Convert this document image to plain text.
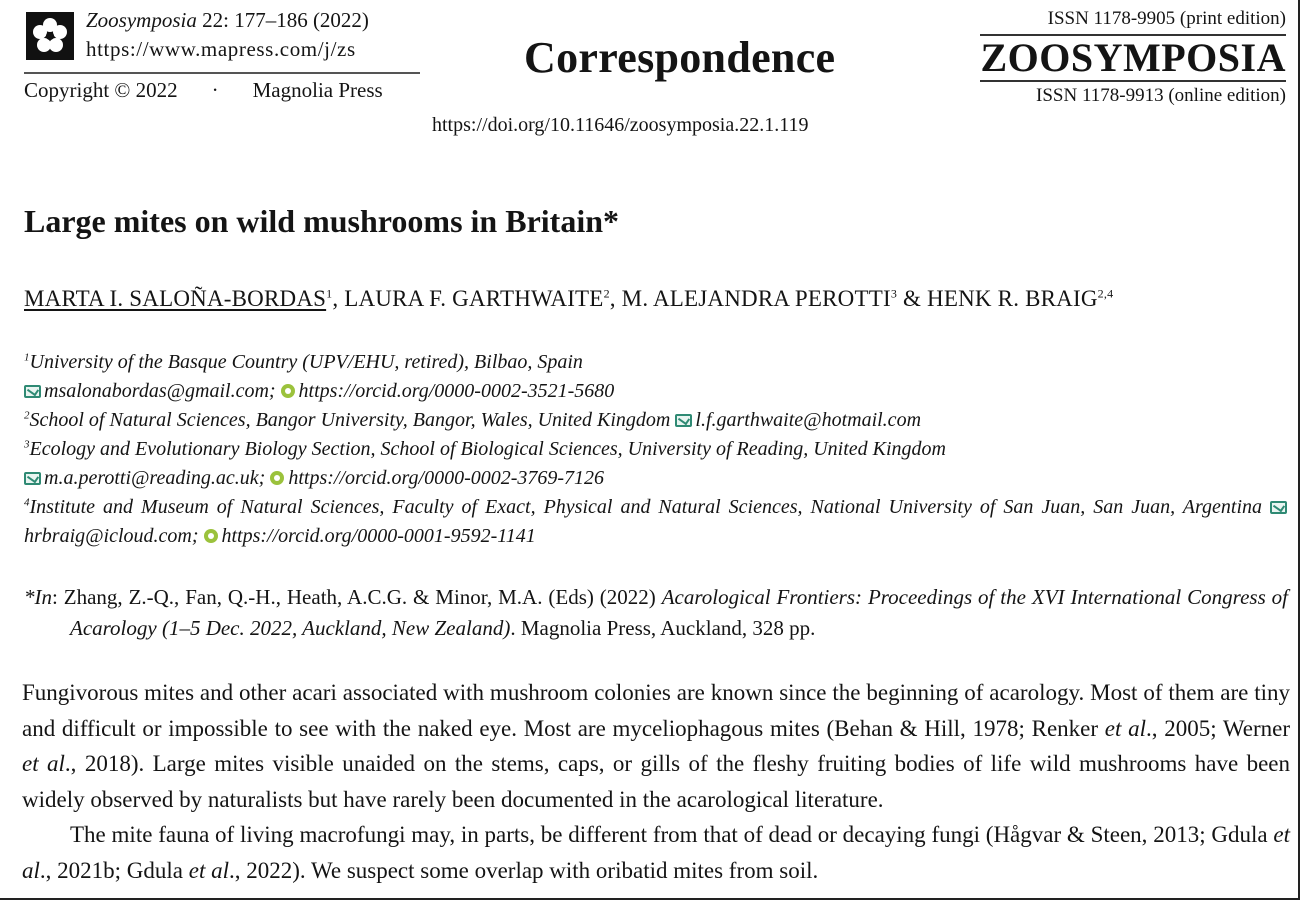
Zoosymposia 22: 177–186 (2022)
https://www.mapress.com/j/zs
Copyright © 2022 · Magnolia Press
Correspondence
ISSN 1178-9905 (print edition)
ZOOSYMPOSIA
ISSN 1178-9913 (online edition)
https://doi.org/10.11646/zoosymposia.22.1.119
Large mites on wild mushrooms in Britain*
MARTA I. SALOÑA-BORDAS$^1$, LAURA F. GARTHWAITE$^2$, M. ALEJANDRA PEROTTI$^3$ & HENK R. BRAIG$^{2,4}$
$^1$University of the Basque Country (UPV/EHU, retired), Bilbao, Spain
msalonabordas@gmail.com; https://orcid.org/0000-0002-3521-5680
$^2$School of Natural Sciences, Bangor University, Bangor, Wales, United Kingdom l.f.garthwaite@hotmail.com
$^3$Ecology and Evolutionary Biology Section, School of Biological Sciences, University of Reading, United Kingdom
m.a.perotti@reading.ac.uk; https://orcid.org/0000-0002-3769-7126
$^4$Institute and Museum of Natural Sciences, Faculty of Exact, Physical and Natural Sciences, National University of San Juan, San Juan, Argentina hrbraig@icloud.com; https://orcid.org/0000-0001-9592-1141
*In: Zhang, Z.-Q., Fan, Q.-H., Heath, A.C.G. & Minor, M.A. (Eds) (2022) Acarological Frontiers: Proceedings of the XVI International Congress of Acarology (1–5 Dec. 2022, Auckland, New Zealand). Magnolia Press, Auckland, 328 pp.

Fungivorous mites and other acari associated with mushroom colonies are known since the beginning of acarology. Most of them are tiny and difficult or impossible to see with the naked eye. Most are myceliophagous mites (Behan & Hill, 1978; Renker et al., 2005; Werner et al., 2018). Large mites visible unaided on the stems, caps, or gills of the fleshy fruiting bodies of life wild mushrooms have been widely observed by naturalists but have rarely been documented in the acarological literature.

The mite fauna of living macrofungi may, in parts, be different from that of dead or decaying fungi (Hågvar & Steen, 2013; Gdula et al., 2021b; Gdula et al., 2022). We suspect some overlap with oribatid mites from soil.
